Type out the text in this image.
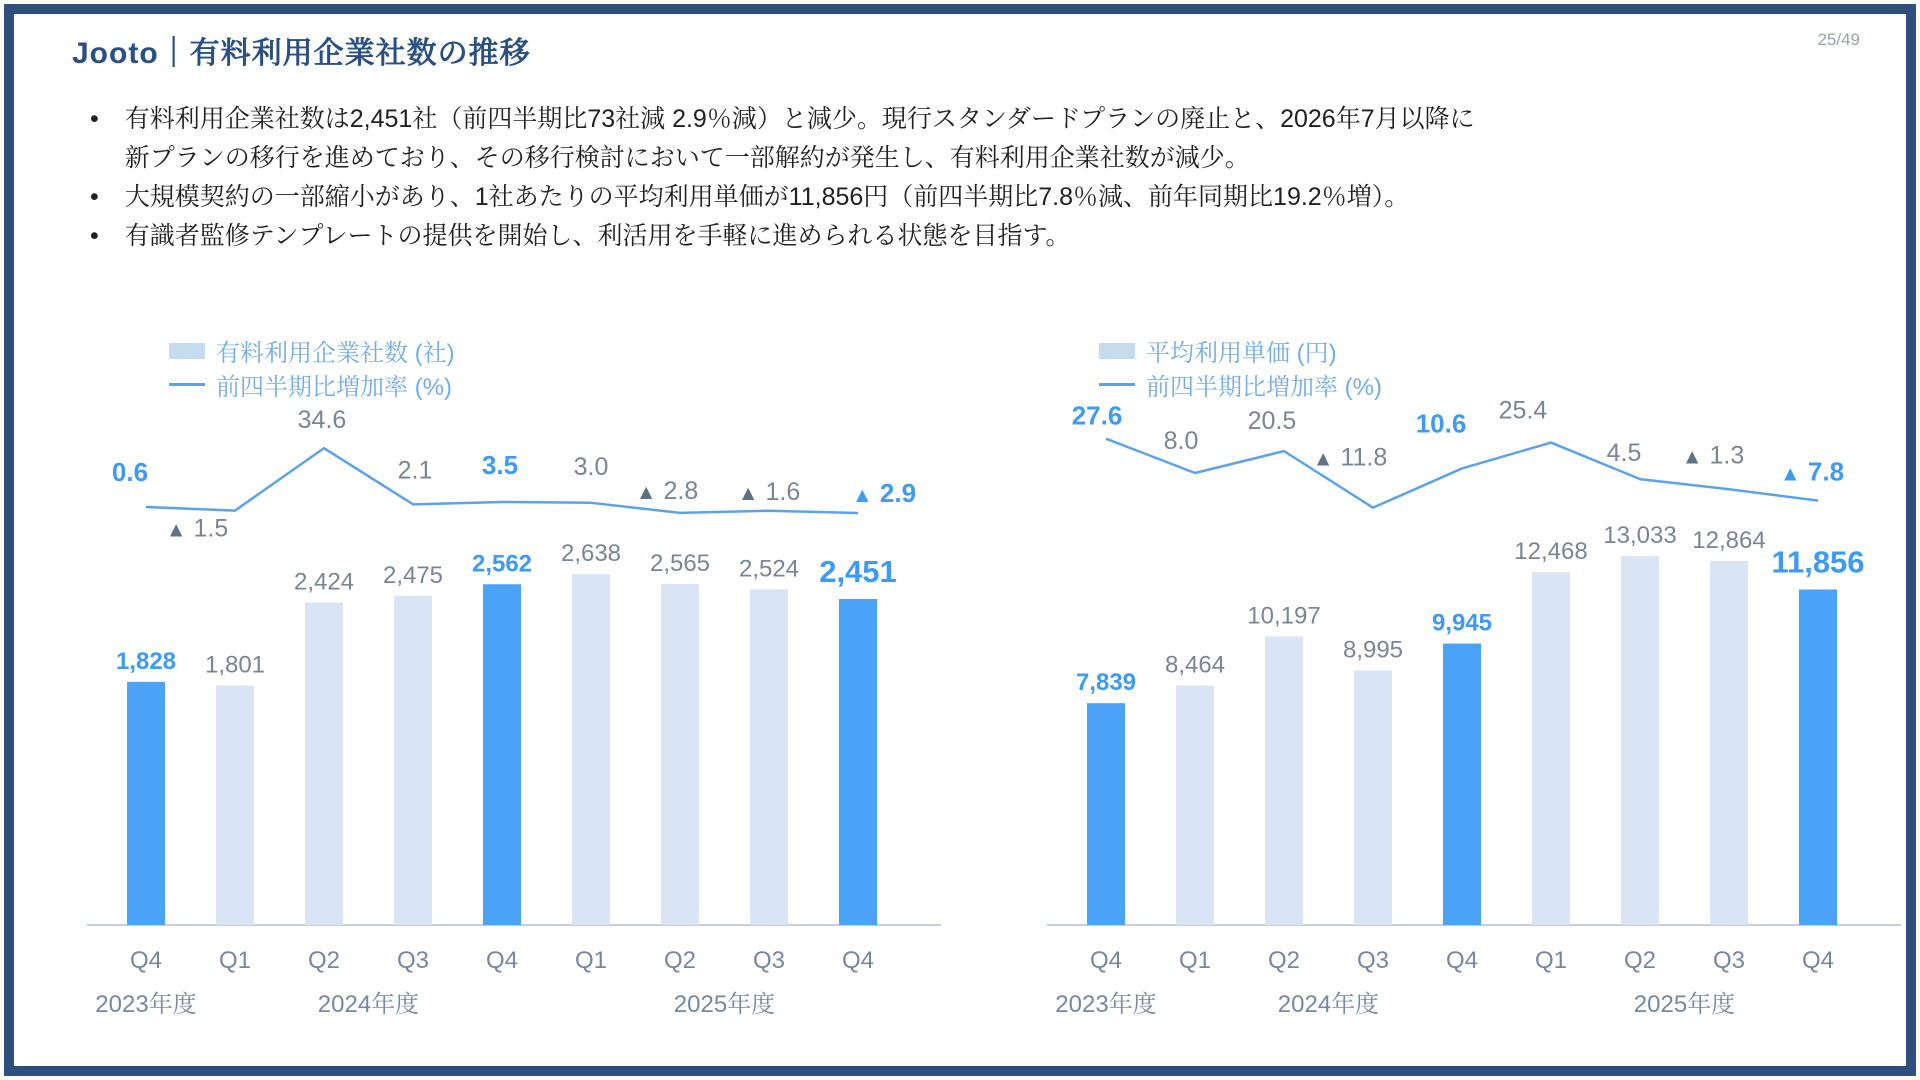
Jooto｜有料利用企業社数の推移	25/49
• 有料利用企業社数は2,451社（前四半期比73社減 2.9％減）と減少。現行スタンダードプランの廃止と、2026年7月以降に新プランの移行を進めており、その移行検討において一部解約が発生し、有料利用企業社数が減少。
• 大規模契約の一部縮小があり、1社あたりの平均利用単価が11,856円（前四半期比7.8％減、前年同期比19.2％増）。
• 有識者監修テンプレートの提供を開始し、利活用を手軽に進められる状態を目指す。
有料利用企業社数 (社)
前四半期比増加率 (%)
1,828
Q4
1,801
Q1
2,424
Q2
2,475
Q3
2,562
Q4
2,638
Q1
2,565
Q2
2,524
Q3
2,451
Q4
2023年度	2024年度	2025年度
0.6
▲ 1.5
34.6
2.1 3.5 3.0
▲ 2.8 ▲ 1.6 ▲ 2.9
平均利用単価 (円)
前四半期比増加率 (%)
7,839
Q4
8,464
Q1
10,197
Q2
8,995
Q3
9,945
Q4
12,468
Q1
13,033
Q2
12,864
Q3
11,856
Q4
2023年度	2024年度	2025年度
27.6
8.0
20.5
▲ 11.8
10.6 25.4
4.5 ▲ 1.3
▲ 7.8
